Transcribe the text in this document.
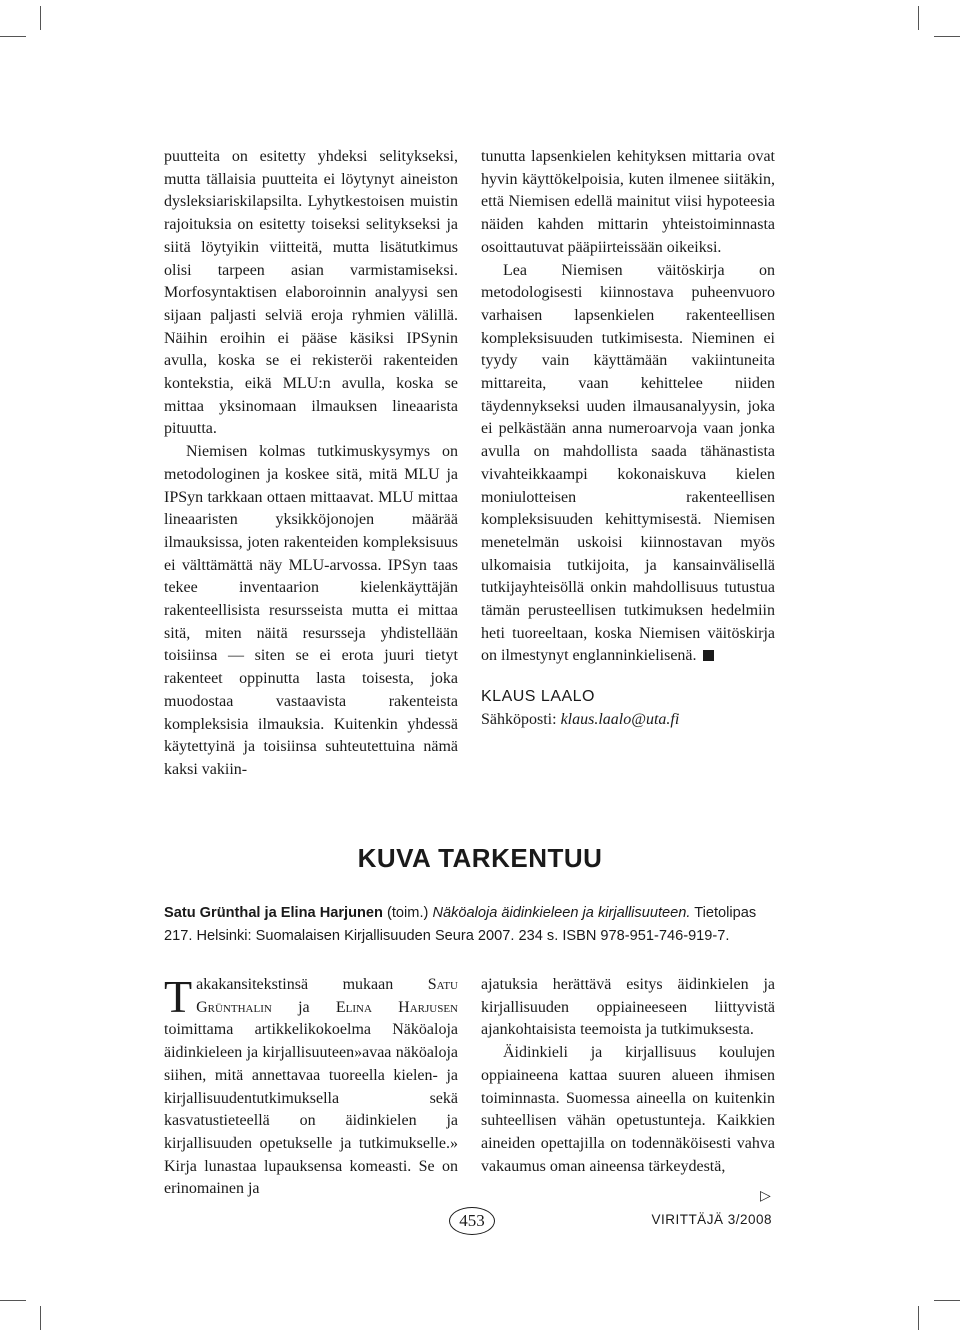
puutteita on esitetty yhdeksi selitykseksi, mutta tällaisia puutteita ei löytynyt aineiston dysleksiariskilapsilta. Lyhytkestoisen muistin rajoituksia on esitetty toiseksi selitykseksi ja siitä löytyikin viitteitä, mutta lisätutkimus olisi tarpeen asian varmistamiseksi. Morfosyntaktisen elaboroinnin analyysi sen sijaan paljasti selviä eroja ryhmien välillä. Näihin eroihin ei pääse käsiksi IPSynin avulla, koska se ei rekisteröi rakenteiden kontekstia, eikä MLU:n avulla, koska se mittaa yksinomaan ilmauksen lineaarista pituutta.

Niemisen kolmas tutkimuskysymys on metodologinen ja koskee sitä, mitä MLU ja IPSyn tarkkaan ottaen mittaavat. MLU mittaa lineaaristen yksikköjonojen määrää ilmauksissa, joten rakenteiden kompleksisuus ei välttämättä näy MLU-arvossa. IPSyn taas tekee inventaarion kielenkäyttäjän rakenteellisista resursseista mutta ei mittaa sitä, miten näitä resursseja yhdistellään toisiinsa — siten se ei erota juuri tietyt rakenteet oppinutta lasta toisesta, joka muodostaa vastaavista rakenteista kompleksisia ilmauksia. Kuitenkin yhdessä käytettyinä ja toisiinsa suhteutettuina nämä kaksi vakiin-

tunutta lapsenkielen kehityksen mittaria ovat hyvin käyttökelpoisia, kuten ilmenee siitäkin, että Niemisen edellä mainitut viisi hypoteesia näiden kahden mittarin yhteistoiminnasta osoittautuvat pääpiirteissään oikeiksi.

Lea Niemisen väitöskirja on metodologisesti kiinnostava puheenvuoro varhaisen lapsenkielen rakenteellisen kompleksisuuden tutkimisesta. Nieminen ei tyydy vain käyttämään vakiintuneita mittareita, vaan kehittelee niiden täydennykseksi uuden ilmausanalyysin, joka ei pelkästään anna numeroarvoja vaan jonka avulla on mahdollista saada tähänastista vivahteikkaampi kokonaiskuva kielen moniulotteisen rakenteellisen kompleksisuuden kehittymisestä. Niemisen menetelmän uskoisi kiinnostavan myös ulkomaisia tutkijoita, ja kansainvälisellä tutkijayhteisöllä onkin mahdollisuus tutustua tämän perusteellisen tutkimuksen hedelmiin heti tuoreeltaan, koska Niemisen väitöskirja on ilmestynyt englanninkielisenä.

KLAUS LAALO

Sähköposti: klaus.laalo@uta.fi

KUVA TARKENTUU
Satu Grünthal ja Elina Harjunen (toim.) Näköaloja äidinkieleen ja kirjallisuuteen. Tietolipas 217. Helsinki: Suomalaisen Kirjallisuuden Seura 2007. 234 s. ISBN 978-951-746-919-7.

Takakansitekstinsä mukaan Satu Grünthalin ja Elina Harjusen toimittama artikkelikokoelma Näköaloja äidinkieleen ja kirjallisuuteen»avaa näköaloja siihen, mitä annettavaa tuoreella kielen- ja kirjallisuudentutkimuksella sekä kasvatustieteellä on äidinkielen ja kirjallisuuden opetukselle ja tutkimukselle.» Kirja lunastaa lupauksensa komeasti. Se on erinomainen ja

ajatuksia herättävä esitys äidinkielen ja kirjallisuuden oppiaineeseen liittyvistä ajankohtaisista teemoista ja tutkimuksesta.

Äidinkieli ja kirjallisuus koulujen oppiaineena kattaa suuren alueen ihmisen toiminnasta. Suomessa aineella on kuitenkin suhteellisen vähän opetustunteja. Kaikkien aineiden opettajilla on todennäköisesti vahva vakaumus oman aineensa tärkeydestä,

▷
453	VIRITTÄJÄ 3/2008
